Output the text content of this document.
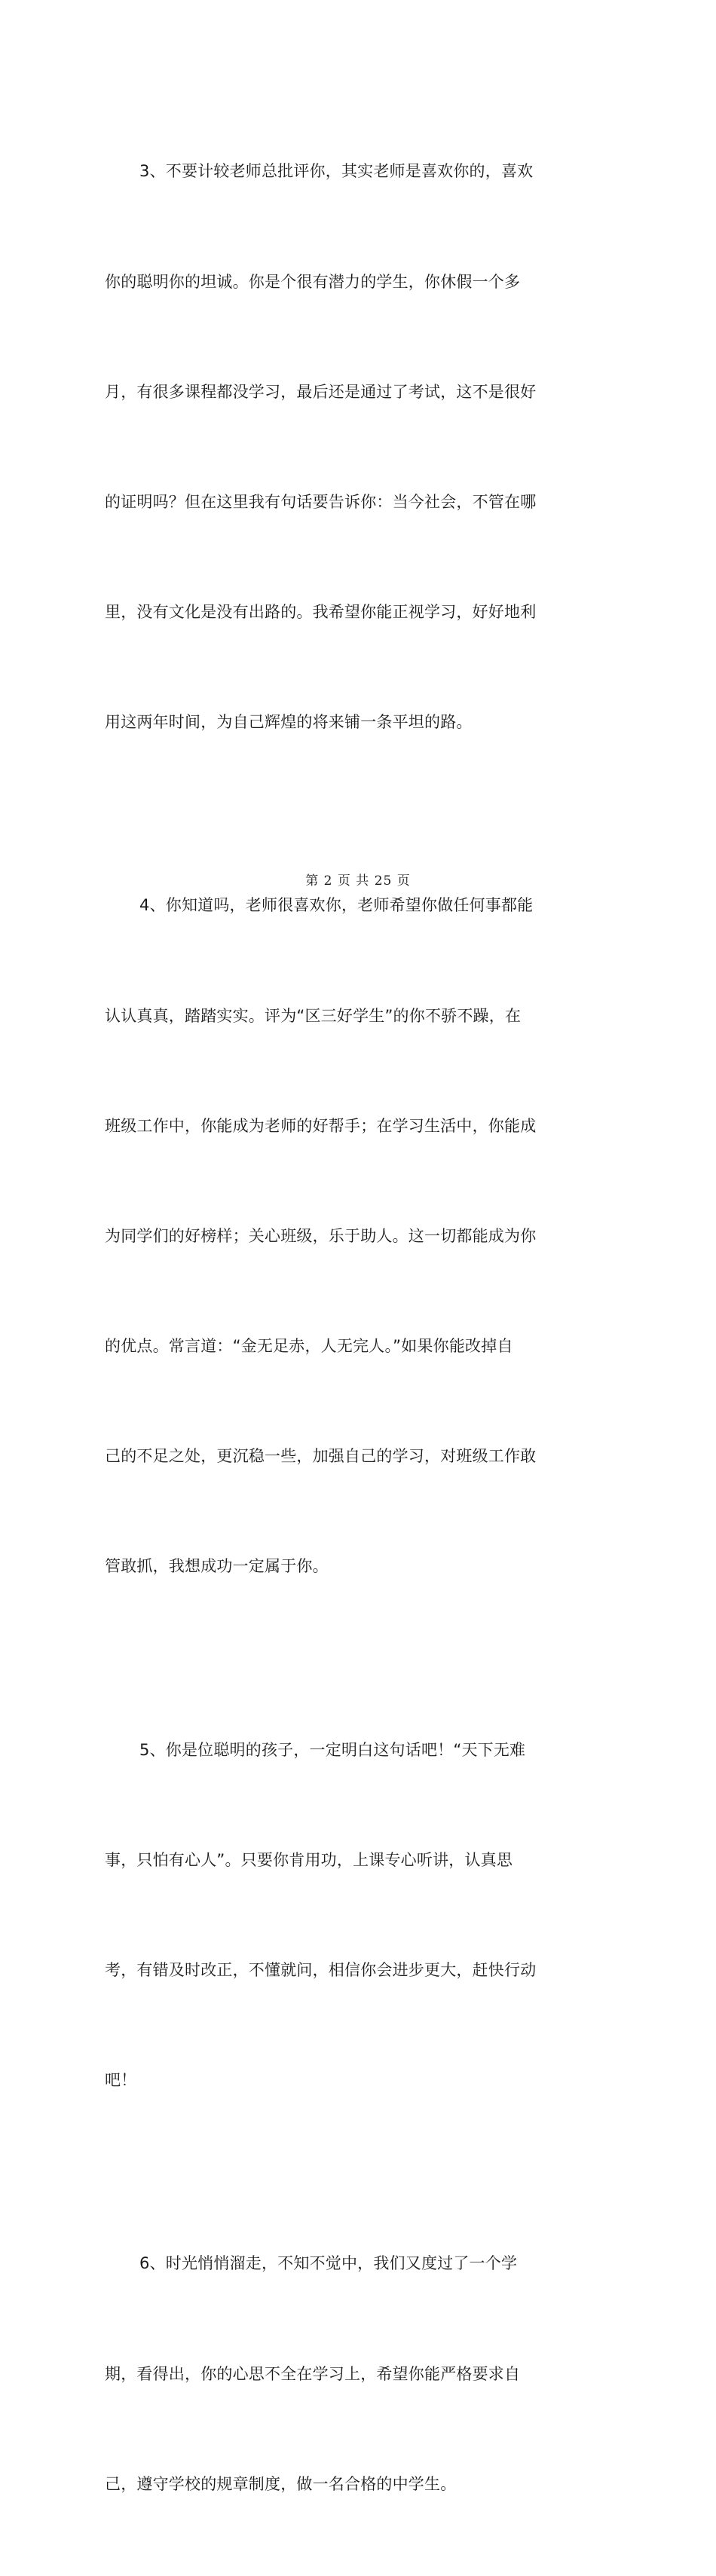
3、不要计较老师总批评你，其实老师是喜欢你的，喜欢

你的聪明你的坦诚。你是个很有潜力的学生，你休假一个多

月，有很多课程都没学习，最后还是通过了考试，这不是很好

的证明吗？但在这里我有句话要告诉你：当今社会，不管在哪

里，没有文化是没有出路的。我希望你能正视学习，好好地利

用这两年时间，为自己辉煌的将来铺一条平坦的路。

4、你知道吗，老师很喜欢你，老师希望你做任何事都能

认认真真，踏踏实实。评为“区三好学生”的你不骄不躁，在

班级工作中，你能成为老师的好帮手；在学习生活中，你能成

为同学们的好榜样；关心班级，乐于助人。这一切都能成为你

的优点。常言道：“金无足赤，人无完人。”如果你能改掉自

己的不足之处，更沉稳一些，加强自己的学习，对班级工作敢

管敢抓，我想成功一定属于你。

5、你是位聪明的孩子，一定明白这句话吧！“天下无难

事，只怕有心人”。只要你肯用功，上课专心听讲，认真思

考，有错及时改正，不懂就问，相信你会进步更大，赶快行动

吧！

6、时光悄悄溜走，不知不觉中，我们又度过了一个学

期，看得出，你的心思不全在学习上，希望你能严格要求自

己，遵守学校的规章制度，做一名合格的中学生。

第 2 页 共 25 页
